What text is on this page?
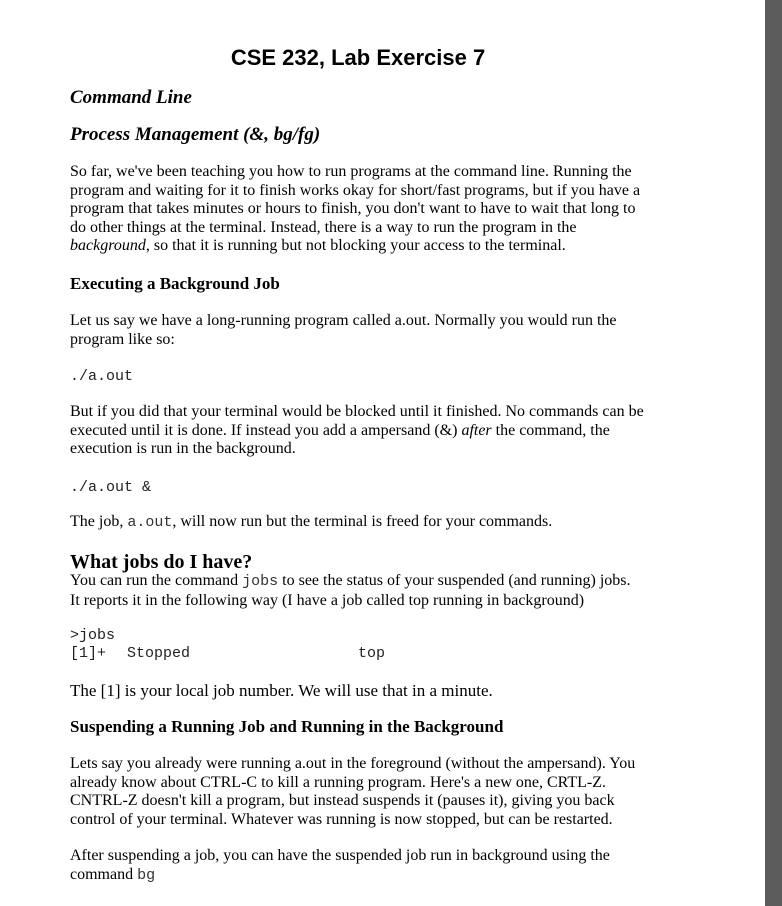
CSE 232, Lab Exercise 7
Command Line
Process Management (&, bg/fg)
So far, we've been teaching you how to run programs at the command line. Running the
program and waiting for it to finish works okay for short/fast programs, but if you have a
program that takes minutes or hours to finish, you don't want to have to wait that long to
do other things at the terminal. Instead, there is a way to run the program in the
background, so that it is running but not blocking your access to the terminal.
Executing a Background Job
Let us say we have a long-running program called a.out. Normally you would run the
program like so:
./a.out
But if you did that your terminal would be blocked until it finished. No commands can be
executed until it is done. If instead you add a ampersand (&) after the command, the
execution is run in the background.
./a.out &
The job, a.out, will now run but the terminal is freed for your commands.
What jobs do I have?
You can run the command jobs to see the status of your suspended (and running) jobs.
It reports it in the following way (I have a job called top running in background)
>jobs
[1]+ Stopped	top
The [1] is your local job number. We will use that in a minute.
Suspending a Running Job and Running in the Background
Lets say you already were running a.out in the foreground (without the ampersand). You
already know about CTRL-C to kill a running program. Here's a new one, CRTL-Z.
CNTRL-Z doesn't kill a program, but instead suspends it (pauses it), giving you back
control of your terminal. Whatever was running is now stopped, but can be restarted.
After suspending a job, you can have the suspended job run in background using the
command bg
